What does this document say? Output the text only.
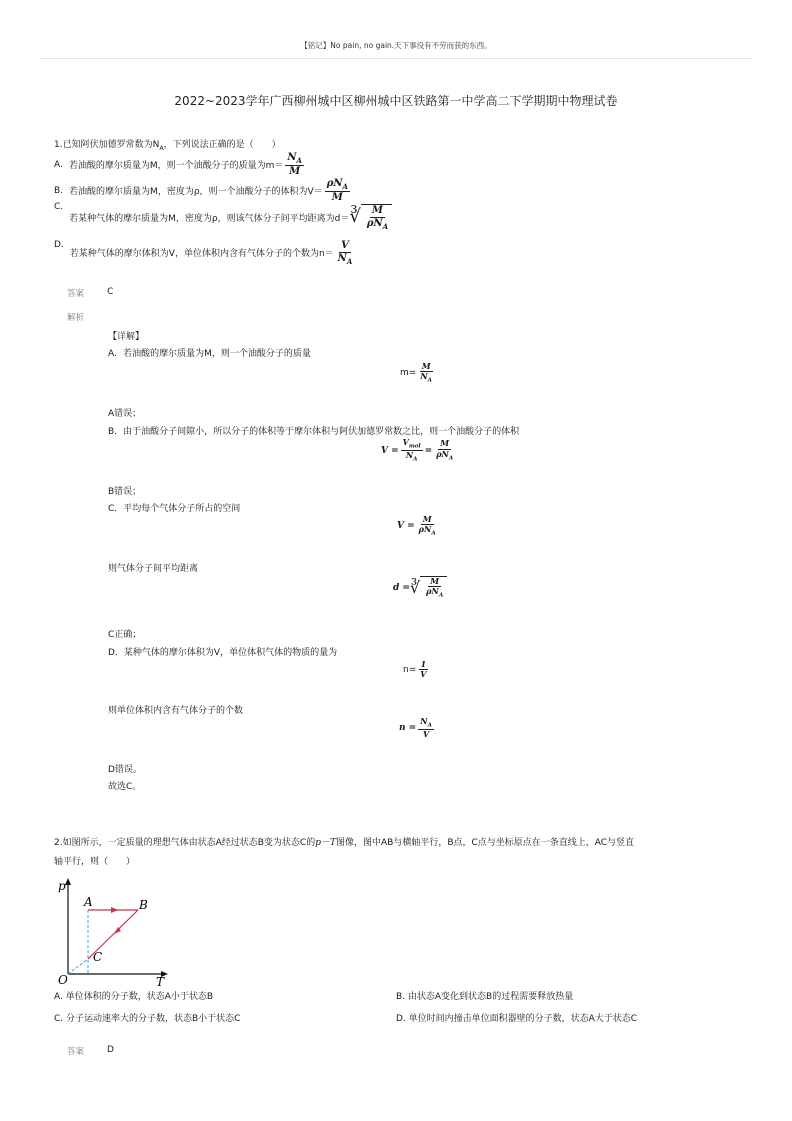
【铭记】No pain, no gain.天下事没有不劳而获的东西。
2022~2023学年广西柳州城中区柳州城中区铁路第一中学高二下学期期中物理试卷
1.已知阿伏加德罗常数为$N_A$，下列说法正确的是（　　）
A. 若油酸的摩尔质量为M，则一个油酸分子的质量为$m= \frac{N_A}{M}$
B. 若油酸的摩尔质量为M，密度为ρ，则一个油酸分子的体积为$V= \frac{\rho N_A}{M}$
C.
若某种气体的摩尔质量为M，密度为ρ，则该气体分子间平均距离为d＝ ∛ $\frac{M}{\rho N_A}$
D.
若某种气体的摩尔体积为V，单位体积内含有气体分子的个数为$n= \frac{V}{N_A}$
答案	C
解析
【详解】
A．若油酸的摩尔质量为M，则一个油酸分子的质量
$m= \frac{M}{N_A}$
A错误；
B．由于油酸分子间隙小，所以分子的体积等于摩尔体积与阿伏加德罗常数之比，则一个油酸分子的体积
$V = \frac{V_{mol}}{N_A} = \frac{M}{\rho N_A}$
B错误；
C．平均每个气体分子所占的空间
$V = \frac{M}{\rho N_A}$
则气体分子间平均距离
d = ∛ $\frac{M}{\rho N_A}$
C正确；
D．某种气体的摩尔体积为V，单位体积气体的物质的量为
$n= \frac{1}{V}$
则单位体积内含有气体分子的个数
$n = \frac{N_A}{V}$
D错误。
故选C。
2.如图所示，一定质量的理想气体由状态A经过状态B变为状态C的p－T图像，图中AB与横轴平行，B点，C点与坐标原点在一条直线上，AC与竖直
轴平行，则（　　）
p
T
O
A	B
C
A. 单位体积的分子数，状态A小于状态B	B. 由状态A变化到状态B的过程需要释放热量
C. 分子运动速率大的分子数，状态B小于状态C	D. 单位时间内撞击单位面积器壁的分子数，状态A大于状态C
答案	D
